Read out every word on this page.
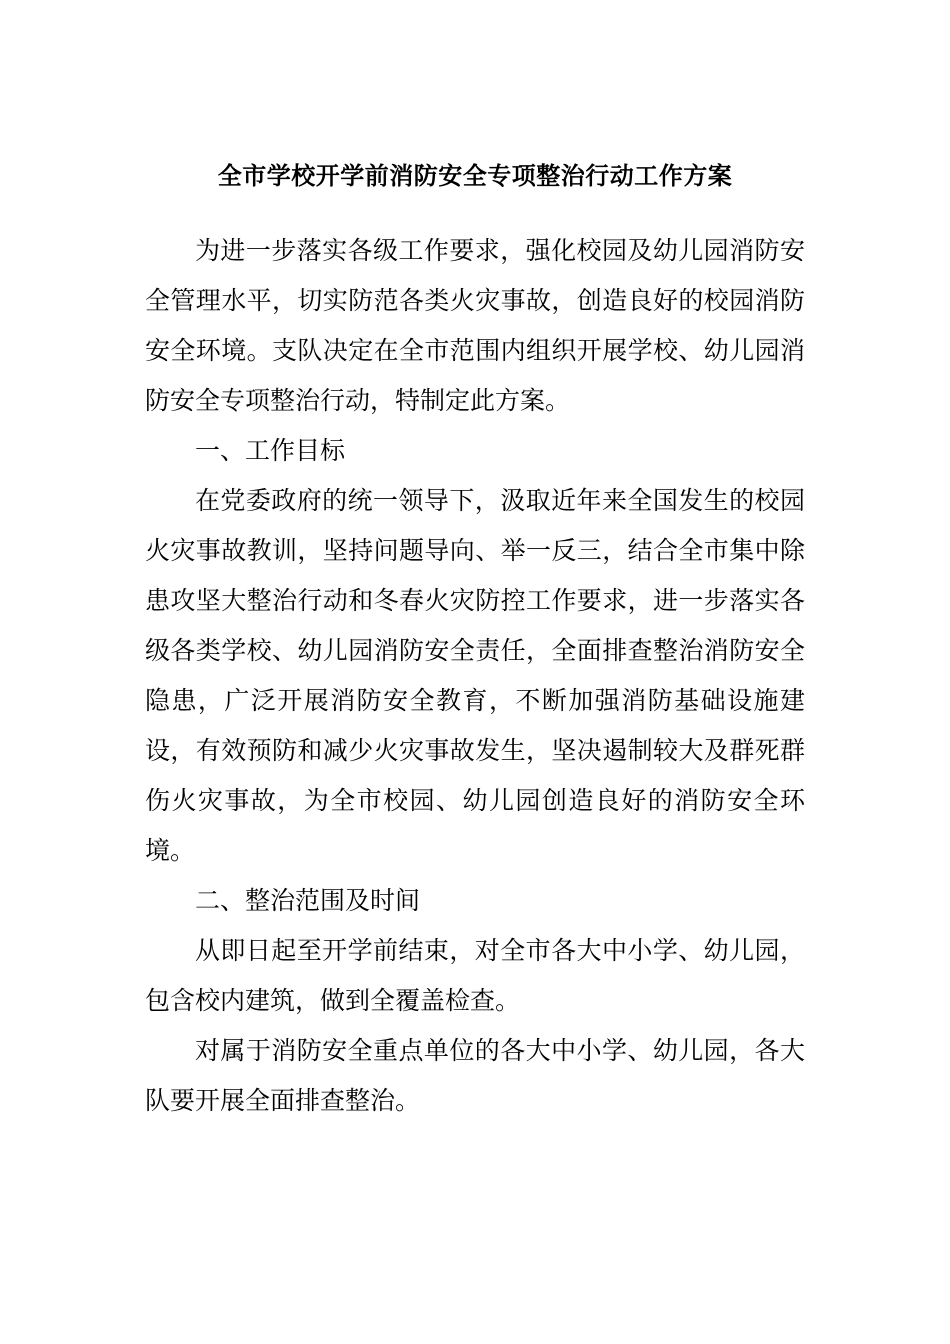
全市学校开学前消防安全专项整治行动工作方案

为进一步落实各级工作要求，强化校园及幼儿园消防安全管理水平，切实防范各类火灾事故，创造良好的校园消防安全环境。支队决定在全市范围内组织开展学校、幼儿园消防安全专项整治行动，特制定此方案。

一、工作目标

在党委政府的统一领导下，汲取近年来全国发生的校园火灾事故教训，坚持问题导向、举一反三，结合全市集中除患攻坚大整治行动和冬春火灾防控工作要求，进一步落实各级各类学校、幼儿园消防安全责任，全面排查整治消防安全隐患，广泛开展消防安全教育，不断加强消防基础设施建设，有效预防和减少火灾事故发生，坚决遏制较大及群死群伤火灾事故，为全市校园、幼儿园创造良好的消防安全环境。

二、整治范围及时间

从即日起至开学前结束，对全市各大中小学、幼儿园，包含校内建筑，做到全覆盖检查。

对属于消防安全重点单位的各大中小学、幼儿园，各大队要开展全面排查整治。
